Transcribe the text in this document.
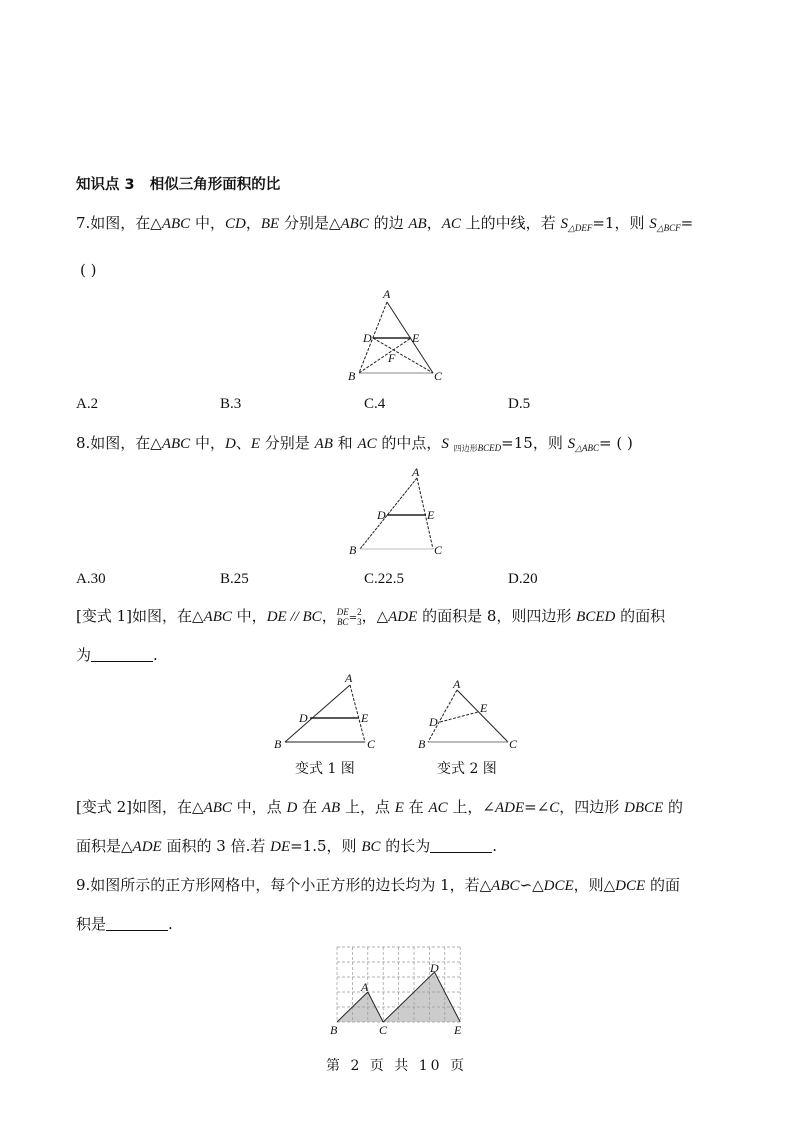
知识点 3 相似三角形面积的比
7.如图，在△ABC 中，CD，BE 分别是△ABC 的边 AB，AC 上的中线，若 $S_{\triangle DEF}=1$，则 $S_{\triangle BCF}=$
( )
A
D	E
F
B	C
A
D	E
B	C
A
D	E
B	C
A
D
E
B	C
B
A
C
D
E
A.2	B.3	C.4	D.5
8.如图，在△ABC 中，D、E 分别是 AB 和 AC 的中点，S $_{四边形BCED}$=15，则 $S_{\triangle ABC}=$ ( )
A.30	B.25	C.22.5	D.20
[变式 1]如图，在△ABC 中，DE // BC， DE
BC =
2
3 ，△ADE 的面积是 8，则四边形 BCED 的面积
为	.
变式 1 图	变式 2 图
[变式 2]如图，在△ABC 中，点 D 在 AB 上，点 E 在 AC 上，∠ADE=∠C，四边形 DBCE 的
面积是△ADE 面积的 3 倍.若 DE=1.5，则 BC 的长为	.
9.如图所示的正方形网格中，每个小正方形的边长均为 1，若△ABC∽△DCE，则△DCE 的面
积是	.
第 2 页 共 10 页
